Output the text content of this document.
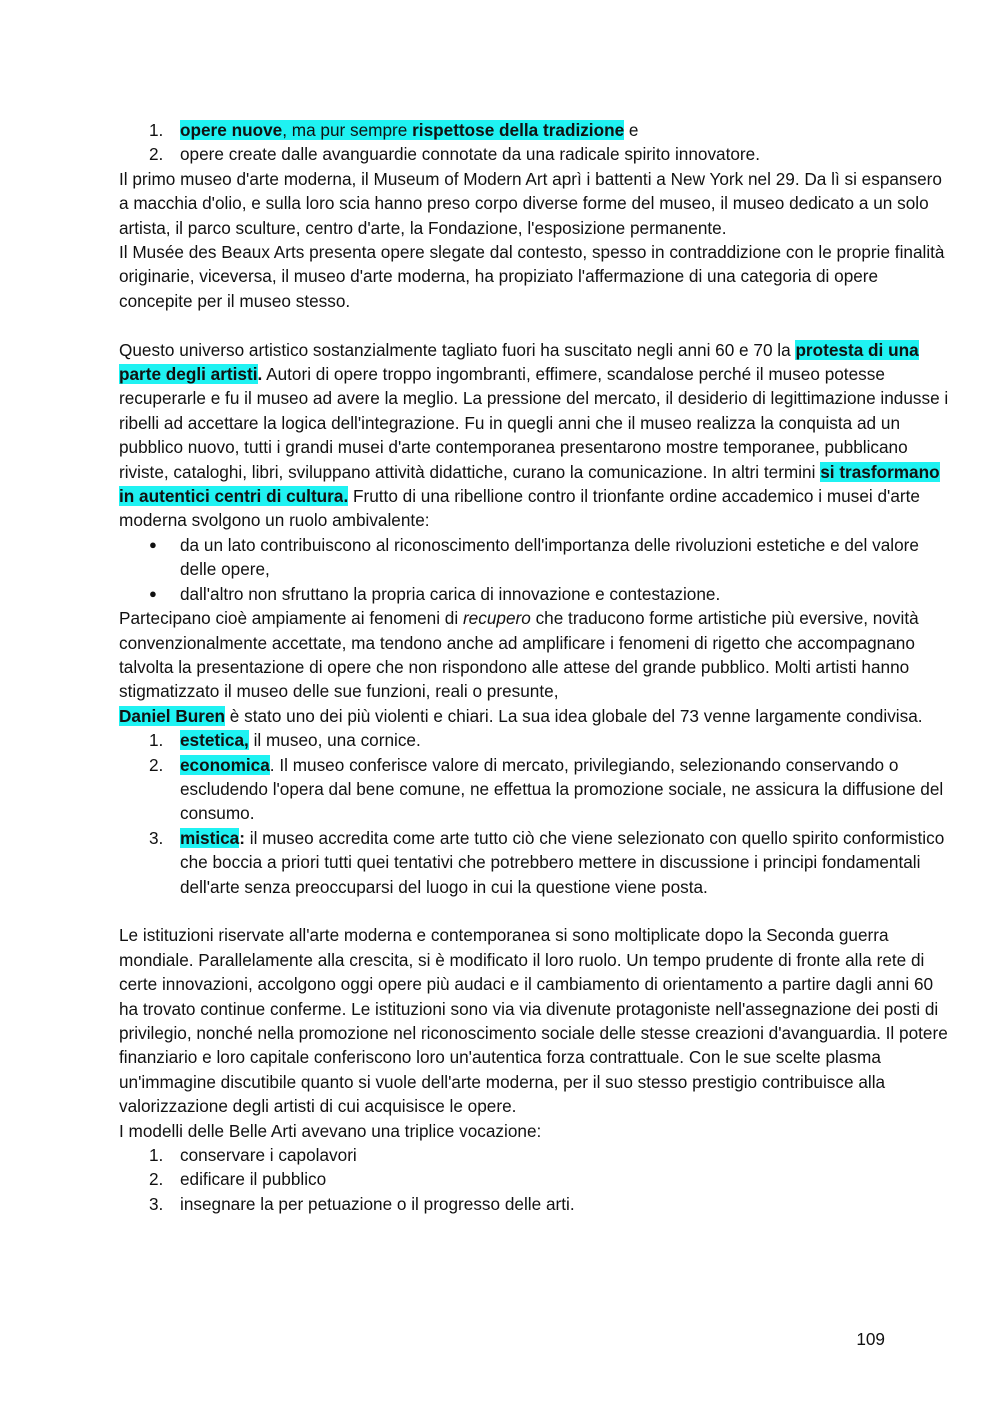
1. opere nuove, ma pur sempre rispettose della tradizione e
2. opere create dalle avanguardie connotate da una radicale spirito innovatore.

Il primo museo d'arte moderna, il Museum of Modern Art aprì i battenti a New York nel 29. Da lì si espansero a macchia d'olio, e sulla loro scia hanno preso corpo diverse forme del museo, il museo dedicato a un solo artista, il parco sculture, centro d'arte, la Fondazione, l'esposizione permanente.

Il Musée des Beaux Arts presenta opere slegate dal contesto, spesso in contraddizione con le proprie finalità originarie, viceversa, il museo d'arte moderna, ha propiziato l'affermazione di una categoria di opere concepite per il museo stesso.

Questo universo artistico sostanzialmente tagliato fuori ha suscitato negli anni 60 e 70 la protesta di una parte degli artisti. Autori di opere troppo ingombranti, effimere, scandalose perché il museo potesse recuperarle e fu il museo ad avere la meglio. La pressione del mercato, il desiderio di legittimazione indusse i ribelli ad accettare la logica dell'integrazione. Fu in quegli anni che il museo realizza la conquista ad un pubblico nuovo, tutti i grandi musei d'arte contemporanea presentarono mostre temporanee, pubblicano riviste, cataloghi, libri, sviluppano attività didattiche, curano la comunicazione. In altri termini si trasformano in autentici centri di cultura. Frutto di una ribellione contro il trionfante ordine accademico i musei d'arte moderna svolgono un ruolo ambivalente:

●	da un lato contribuiscono al riconoscimento dell'importanza delle rivoluzioni estetiche e del valore delle opere,
●	dall'altro non sfruttano la propria carica di innovazione e contestazione.

Partecipano cioè ampiamente ai fenomeni di recupero che traducono forme artistiche più eversive, novità convenzionalmente accettate, ma tendono anche ad amplificare i fenomeni di rigetto che accompagnano talvolta la presentazione di opere che non rispondono alle attese del grande pubblico. Molti artisti hanno stigmatizzato il museo delle sue funzioni, reali o presunte,
Daniel Buren è stato uno dei più violenti e chiari. La sua idea globale del 73 venne largamente condivisa.

1. estetica, il museo, una cornice.
2. economica. Il museo conferisce valore di mercato, privilegiando, selezionando conservando o escludendo l'opera dal bene comune, ne effettua la promozione sociale, ne assicura la diffusione del consumo.
3. mistica: il museo accredita come arte tutto ciò che viene selezionato con quello spirito conformistico che boccia a priori tutti quei tentativi che potrebbero mettere in discussione i principi fondamentali dell'arte senza preoccuparsi del luogo in cui la questione viene posta.

Le istituzioni riservate all'arte moderna e contemporanea si sono moltiplicate dopo la Seconda guerra mondiale. Parallelamente alla crescita, si è modificato il loro ruolo. Un tempo prudente di fronte alla rete di certe innovazioni, accolgono oggi opere più audaci e il cambiamento di orientamento a partire dagli anni 60 ha trovato continue conferme. Le istituzioni sono via via divenute protagoniste nell'assegnazione dei posti di privilegio, nonché nella promozione nel riconoscimento sociale delle stesse creazioni d'avanguardia. Il potere finanziario e loro capitale conferiscono loro un'autentica forza contrattuale. Con le sue scelte plasma un'immagine discutibile quanto si vuole dell'arte moderna, per il suo stesso prestigio contribuisce alla valorizzazione degli artisti di cui acquisisce le opere.

I modelli delle Belle Arti avevano una triplice vocazione:

1. conservare i capolavori
2. edificare il pubblico
3. insegnare la per petuazione o il progresso delle arti.
109
